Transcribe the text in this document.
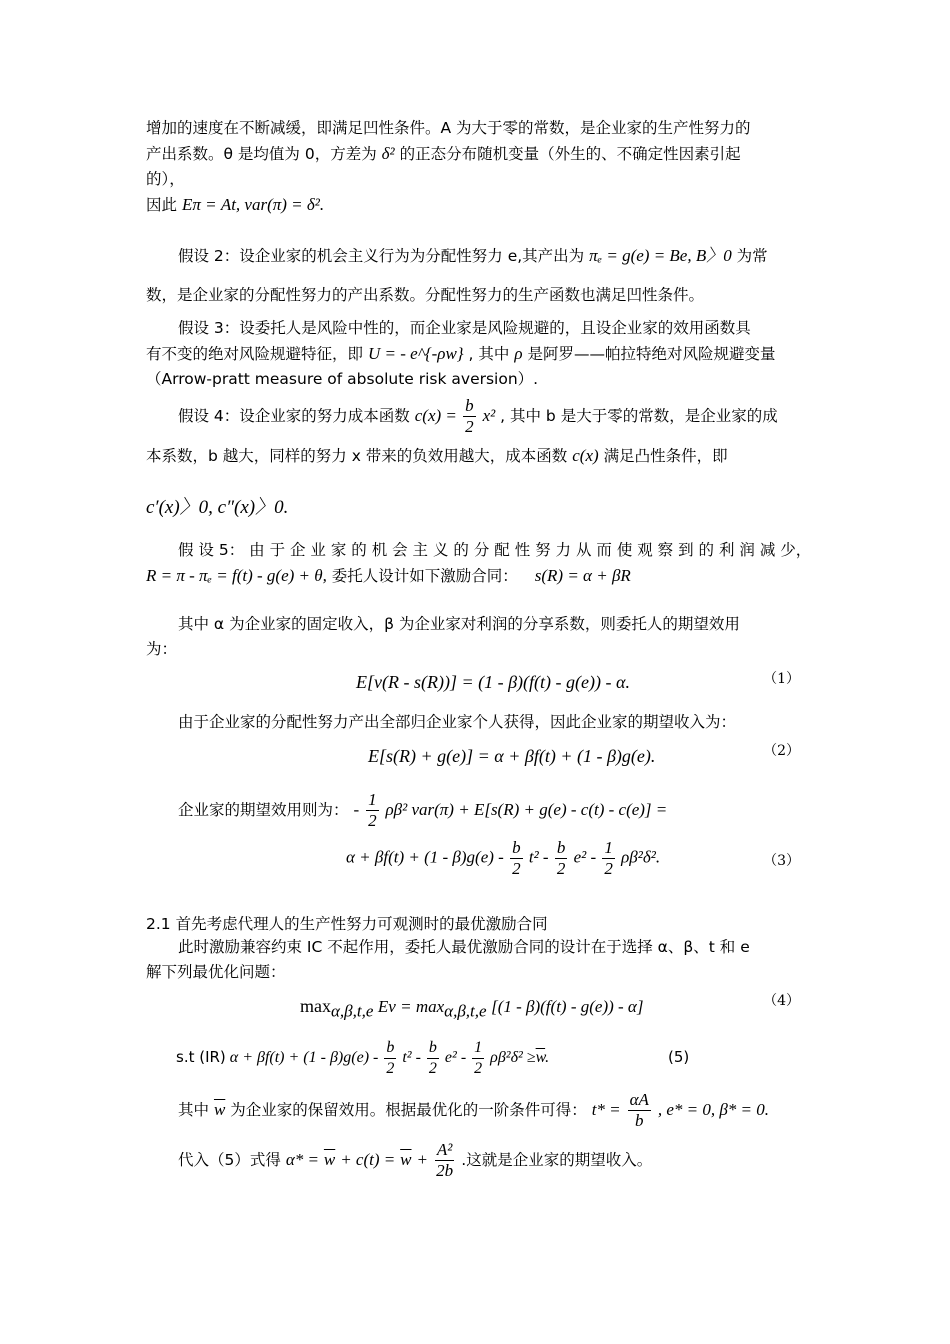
增加的速度在不断减缓，即满足凹性条件。A 为大于零的常数，是企业家的生产性努力的
产出系数。θ 是均值为 0，方差为 δ² 的正态分布随机变量（外生的、不确定性因素引起
的），
因此 Eπ = At, var(π) = δ².
假设 2：设企业家的机会主义行为为分配性努力 e,其产出为 πₑ = g(e) = Be, B〉0 为常
数，是企业家的分配性努力的产出系数。分配性努力的生产函数也满足凹性条件。
假设 3：设委托人是风险中性的，而企业家是风险规避的，且设企业家的效用函数具
有不变的绝对风险规避特征，即 U = - e^{-ρw} , 其中 ρ 是阿罗——帕拉特绝对风险规避变量
（Arrow-pratt measure of absolute risk aversion）.
假设 4：设企业家的努力成本函数 $c(x) = \frac{b}{2} x^2$ , 其中 b 是大于零的常数，是企业家的成
本系数，b 越大，同样的努力 x 带来的负效用越大，成本函数 c(x) 满足凸性条件，即
c′(x)〉0, c″(x)〉0.
假 设 5： 由 于 企 业 家 的 机 会 主 义 的 分 配 性 努 力 从 而 使 观 察 到 的 利 润 减 少，
R = π - πₑ = f(t) - g(e) + θ, 委托人设计如下激励合同： s(R) = α + βR
其中 α 为企业家的固定收入，β 为企业家对利润的分享系数，则委托人的期望效用
为：
E[v(R - s(R))] = (1 - β)(f(t) - g(e)) - α.	（1）
由于企业家的分配性努力产出全部归企业家个人获得，因此企业家的期望收入为：
E[s(R) + g(e)] = α + βf(t) + (1 - β)g(e).	（2）
企业家的期望效用则为： - $\frac{1}{2} \rho\beta^2$ var(π) + E[s(R) + g(e) - c(t) - c(e)] =
$\alpha + \beta f(t) + (1 - \beta)g(e) - \frac{b}{2} t^2 - \frac{b}{2} e^2 - \frac{1}{2} \rho\beta^2\delta^2$.	（3）
2.1 首先考虑代理人的生产性努力可观测时的最优激励合同
此时激励兼容约束 IC 不起作用，委托人最优激励合同的设计在于选择 α、β、t 和 e
解下列最优化问题：
$\max_{\alpha,\beta,t,e} Ev = \max_{\alpha,\beta,t,e} [(1 - \beta)(f(t) - g(e)) - \alpha]$	（4）
s.t (IR) $\alpha + \beta f(t) + (1 - \beta)g(e) - \frac{b}{2} t^2 - \frac{b}{2} e^2 - \frac{1}{2} \rho\beta^2\delta^2 \ge\overline{w}$.	(5)
其中 $\overline{w}$ 为企业家的保留效用。根据最优化的一阶条件可得： $t* = \frac{\alpha A}{b}$ , e* = 0, β* = 0.
代入（5）式得 $\alpha* = \overline{w} + c(t) = \overline{w} + \frac{\text{A²}}{2b}$ .这就是企业家的期望收入。
